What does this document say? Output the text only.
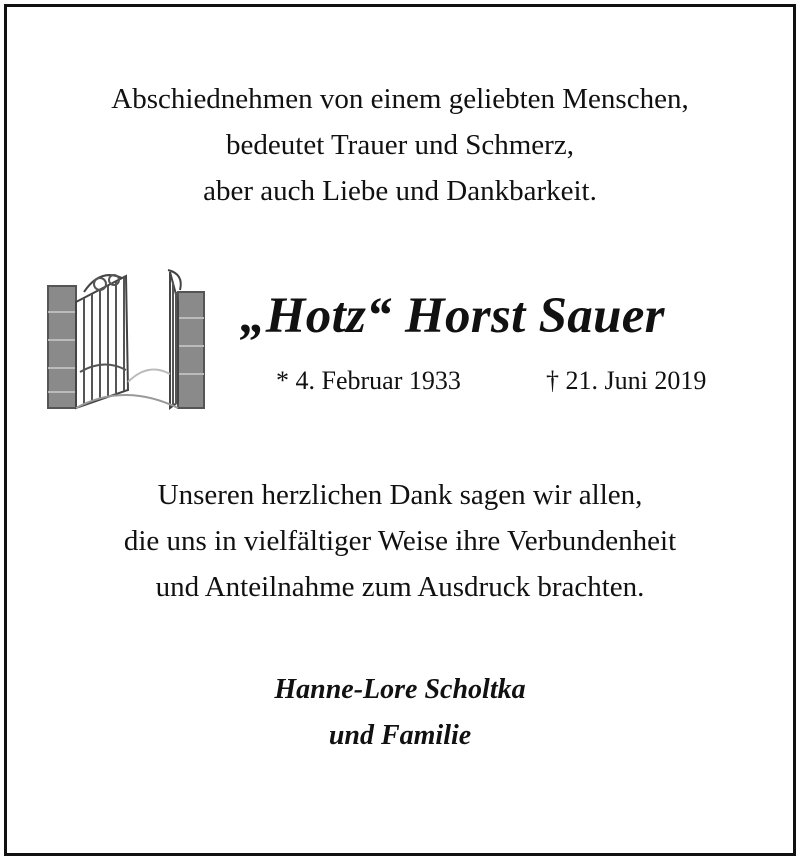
Abschiednehmen von einem geliebten Menschen,
bedeutet Trauer und Schmerz,
aber auch Liebe und Dankbarkeit.
„Hotz“ Horst Sauer
* 4. Februar 1933	† 21. Juni 2019
Unseren herzlichen Dank sagen wir allen,
die uns in vielfältiger Weise ihre Verbundenheit
und Anteilnahme zum Ausdruck brachten.
Hanne-Lore Scholtka
und Familie
